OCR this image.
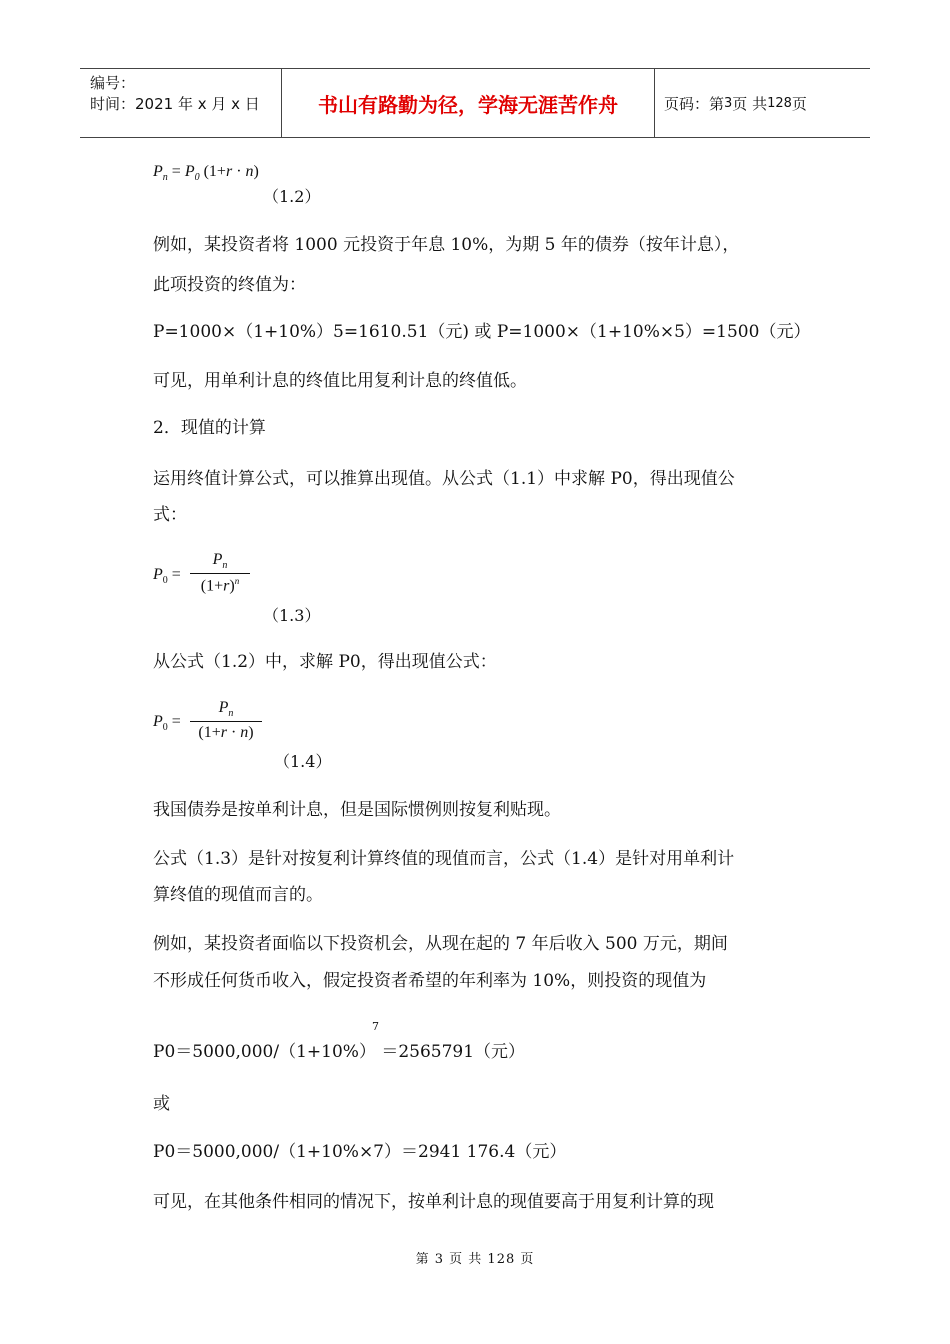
编号：
时间：2021 年 x 月 x 日	书山有路勤为径，学海无涯苦作舟	页码：第 3 页 共 128 页
$P_n = P_0$ (1+r · n)
（1.2）
例如，某投资者将 1000 元投资于年息 10%，为期 5 年的债券（按年计息），
此项投资的终值为：
P=1000×（1+10%）5=1610.51（元) 或 P=1000×（1+10%×5）=1500（元）
可见，用单利计息的终值比用复利计息的终值低。
2．现值的计算
运用终值计算公式，可以推算出现值。从公式（1.1）中求解 P0，得出现值公
式：
$P_0$ =
$P_n$
$(1+r)^n$
（1.3）
从公式（1.2）中，求解 P0，得出现值公式：
$P_0$ =
$P_n$
(1+r · n)
（1.4）
我国债券是按单利计息，但是国际惯例则按复利贴现。
公式（1.3）是针对按复利计算终值的现值而言，公式（1.4）是针对用单利计
算终值的现值而言的。
例如，某投资者面临以下投资机会，从现在起的 7 年后收入 500 万元，期间
不形成任何货币收入，假定投资者希望的年利率为 10%，则投资的现值为
7
P0＝5000,000/（1+10%） ＝2565791（元）
或
P0＝5000,000/（1+10%×7）＝2941 176.4（元）
可见，在其他条件相同的情况下，按单利计息的现值要高于用复利计算的现
第 3 页 共 128 页
